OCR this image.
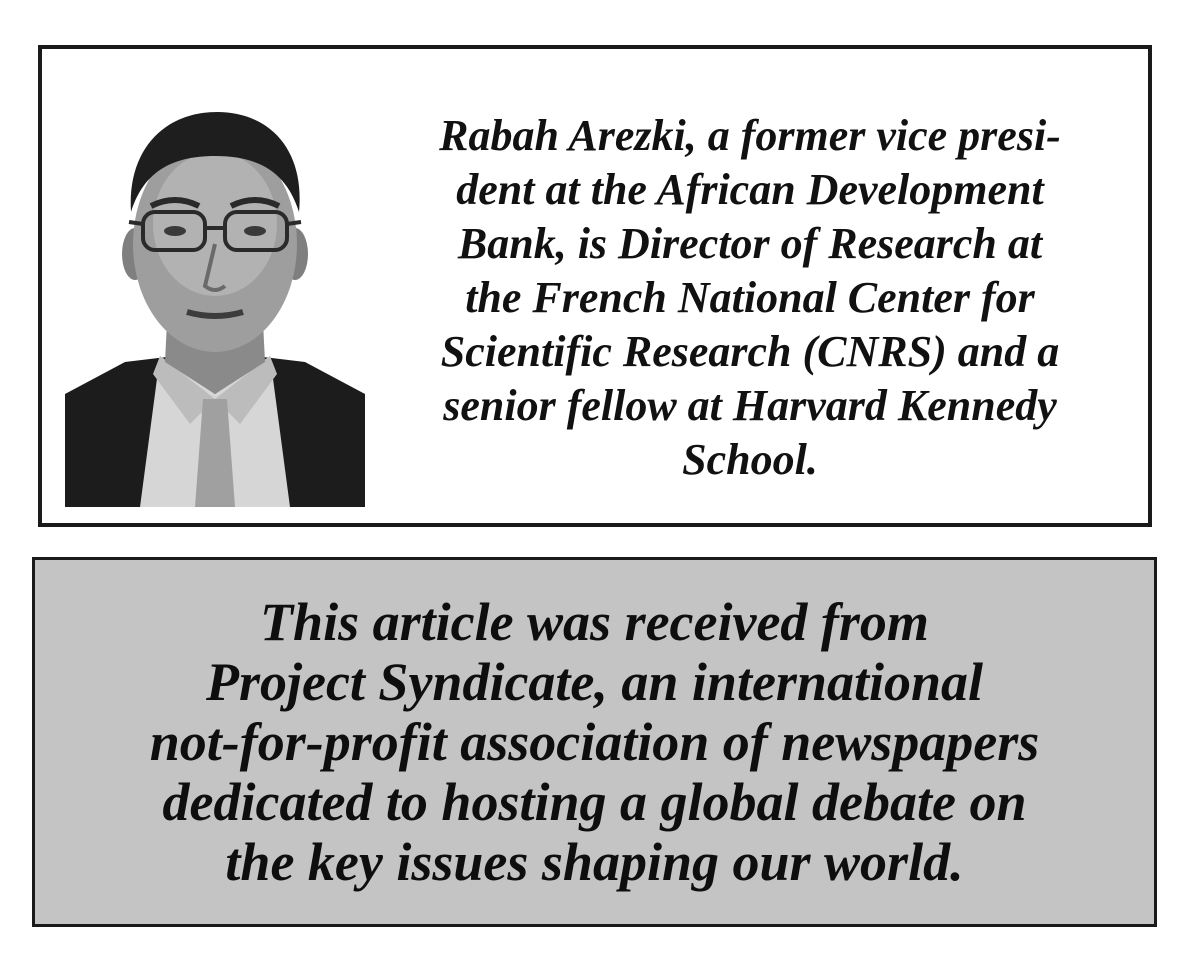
Rabah Arezki, a former vice presi-
dent at the African Development
Bank, is Director of Research at
the French National Center for
Scientific Research (CNRS) and a
senior fellow at Harvard Kennedy
School.

This article was received from
Project Syndicate, an international
not-for-profit association of newspapers
dedicated to hosting a global debate on
the key issues shaping our world.
